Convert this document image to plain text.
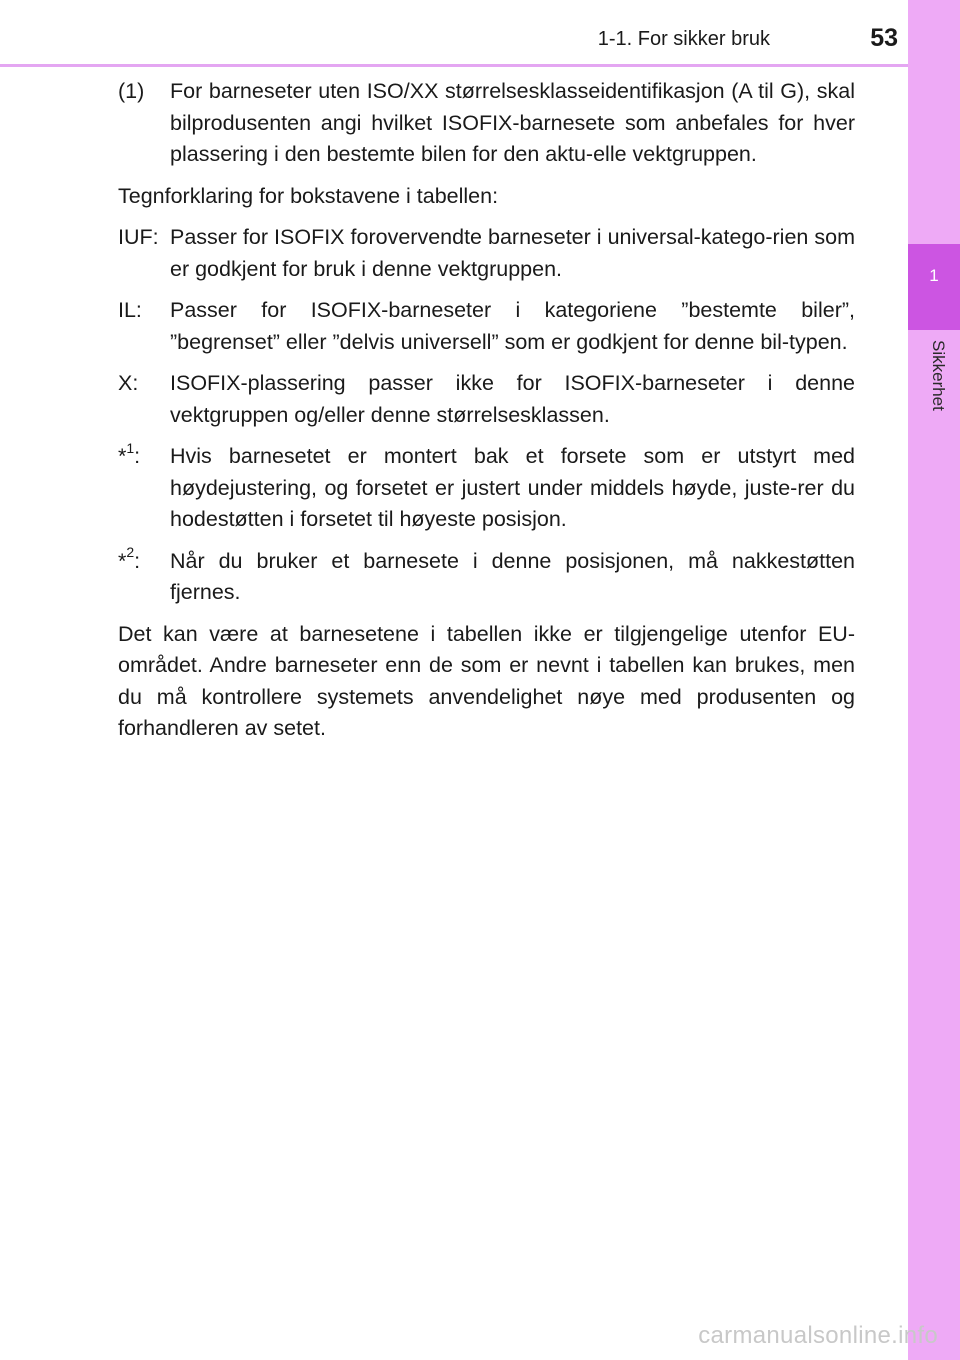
1-1. For sikker bruk	53
1
Sikkerhet
(1)	For barneseter uten ISO/XX størrelsesklasseidentifikasjon (A til G), skal bilprodusenten angi hvilket ISOFIX-barnesete som anbefales for hver plassering i den bestemte bilen for den aktu-elle vektgruppen.
Tegnforklaring for bokstavene i tabellen:
IUF: Passer for ISOFIX forovervendte barneseter i universal-katego-rien som er godkjent for bruk i denne vektgruppen.
IL:	Passer for ISOFIX-barneseter i kategoriene ”bestemte biler”, ”begrenset” eller ”delvis universell” som er godkjent for denne bil-typen.
X:	ISOFIX-plassering passer ikke for ISOFIX-barneseter i denne vektgruppen og/eller denne størrelsesklassen.
*$^1$:	Hvis barnesetet er montert bak et forsete som er utstyrt med høydejustering, og forsetet er justert under middels høyde, juste-rer du hodestøtten i forsetet til høyeste posisjon.
*$^2$:	Når du bruker et barnesete i denne posisjonen, må nakkestøtten fjernes.
Det kan være at barnesetene i tabellen ikke er tilgjengelige utenfor EU-området. Andre barneseter enn de som er nevnt i tabellen kan brukes, men du må kontrollere systemets anvendelighet nøye med produsenten og forhandleren av setet.
carmanualsonline.info
